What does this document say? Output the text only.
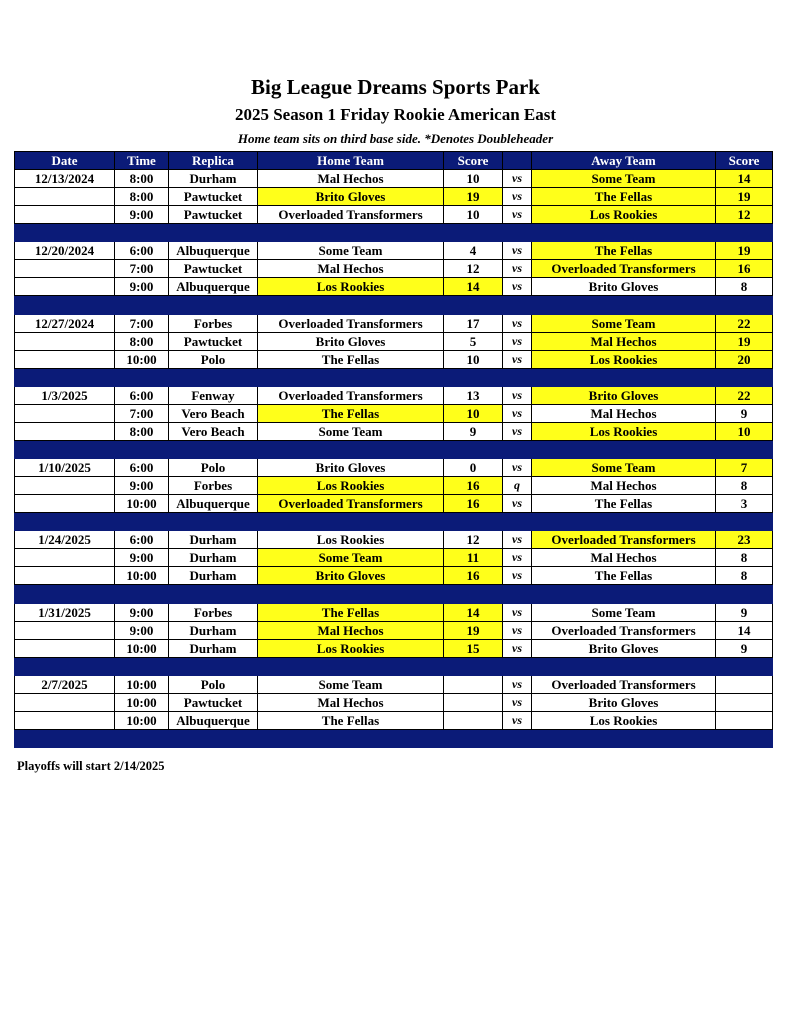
Big League Dreams Sports Park
2025 Season 1 Friday Rookie American East
Home team sits on third base side. *Denotes Doubleheader
Date	Time	Replica	Home Team	Score		Away Team	Score
12/13/2024	8:00	Durham	Mal Hechos	10	vs	Some Team	14
	8:00	Pawtucket	Brito Gloves	19	vs	The Fellas	19
	9:00	Pawtucket	Overloaded Transformers	10	vs	Los Rookies	12

12/20/2024	6:00	Albuquerque	Some Team	4	vs	The Fellas	19
	7:00	Pawtucket	Mal Hechos	12	vs	Overloaded Transformers	16
	9:00	Albuquerque	Los Rookies	14	vs	Brito Gloves	8

12/27/2024	7:00	Forbes	Overloaded Transformers	17	vs	Some Team	22
	8:00	Pawtucket	Brito Gloves	5	vs	Mal Hechos	19
	10:00	Polo	The Fellas	10	vs	Los Rookies	20

1/3/2025	6:00	Fenway	Overloaded Transformers	13	vs	Brito Gloves	22
	7:00	Vero Beach	The Fellas	10	vs	Mal Hechos	9
	8:00	Vero Beach	Some Team	9	vs	Los Rookies	10

1/10/2025	6:00	Polo	Brito Gloves	0	vs	Some Team	7
	9:00	Forbes	Los Rookies	16	q	Mal Hechos	8
	10:00	Albuquerque	Overloaded Transformers	16	vs	The Fellas	3

1/24/2025	6:00	Durham	Los Rookies	12	vs	Overloaded Transformers	23
	9:00	Durham	Some Team	11	vs	Mal Hechos	8
	10:00	Durham	Brito Gloves	16	vs	The Fellas	8

1/31/2025	9:00	Forbes	The Fellas	14	vs	Some Team	9
	9:00	Durham	Mal Hechos	19	vs	Overloaded Transformers	14
	10:00	Durham	Los Rookies	15	vs	Brito Gloves	9

2/7/2025	10:00	Polo	Some Team		vs	Overloaded Transformers	
	10:00	Pawtucket	Mal Hechos		vs	Brito Gloves	
	10:00	Albuquerque	The Fellas		vs	Los Rookies	

Playoffs will start 2/14/2025
